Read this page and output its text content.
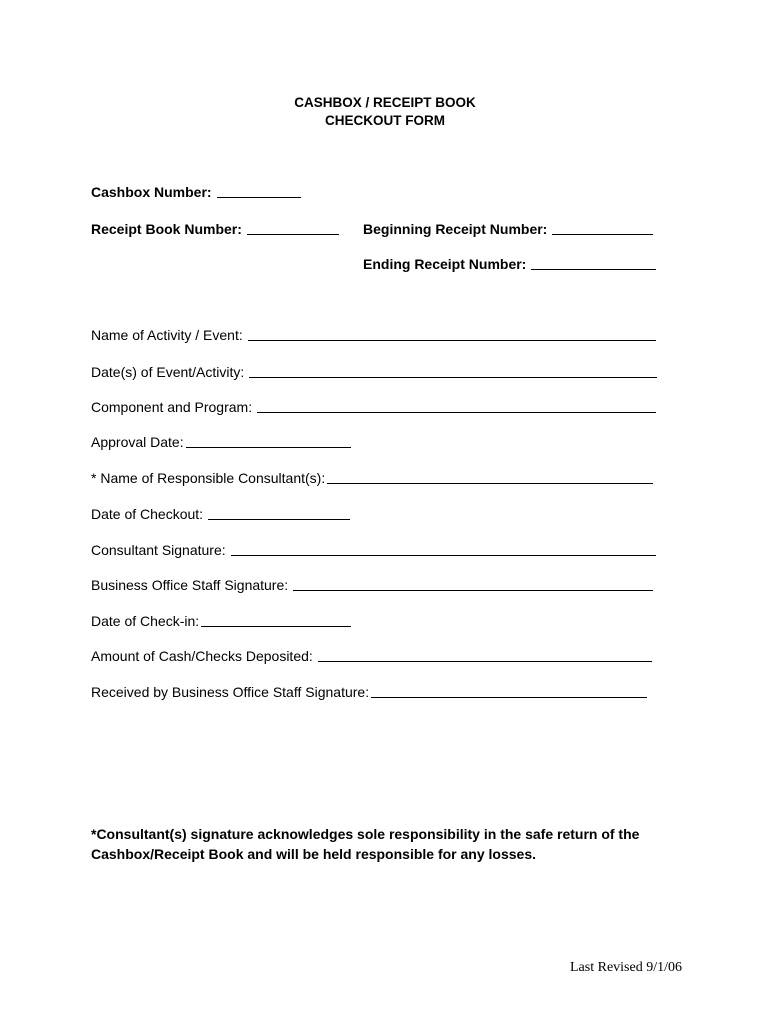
CASHBOX / RECEIPT BOOK
CHECKOUT FORM
Cashbox Number:
Receipt Book Number:	Beginning Receipt Number:
Ending Receipt Number:
Name of Activity / Event:
Date(s) of Event/Activity:
Component and Program:
Approval Date:
* Name of Responsible Consultant(s):
Date of Checkout:
Consultant Signature:
Business Office Staff Signature:
Date of Check-in:
Amount of Cash/Checks Deposited:
Received by Business Office Staff Signature:
*Consultant(s) signature acknowledges sole responsibility in the safe return of the Cashbox/Receipt Book and will be held responsible for any losses.
Last Revised 9/1/06
